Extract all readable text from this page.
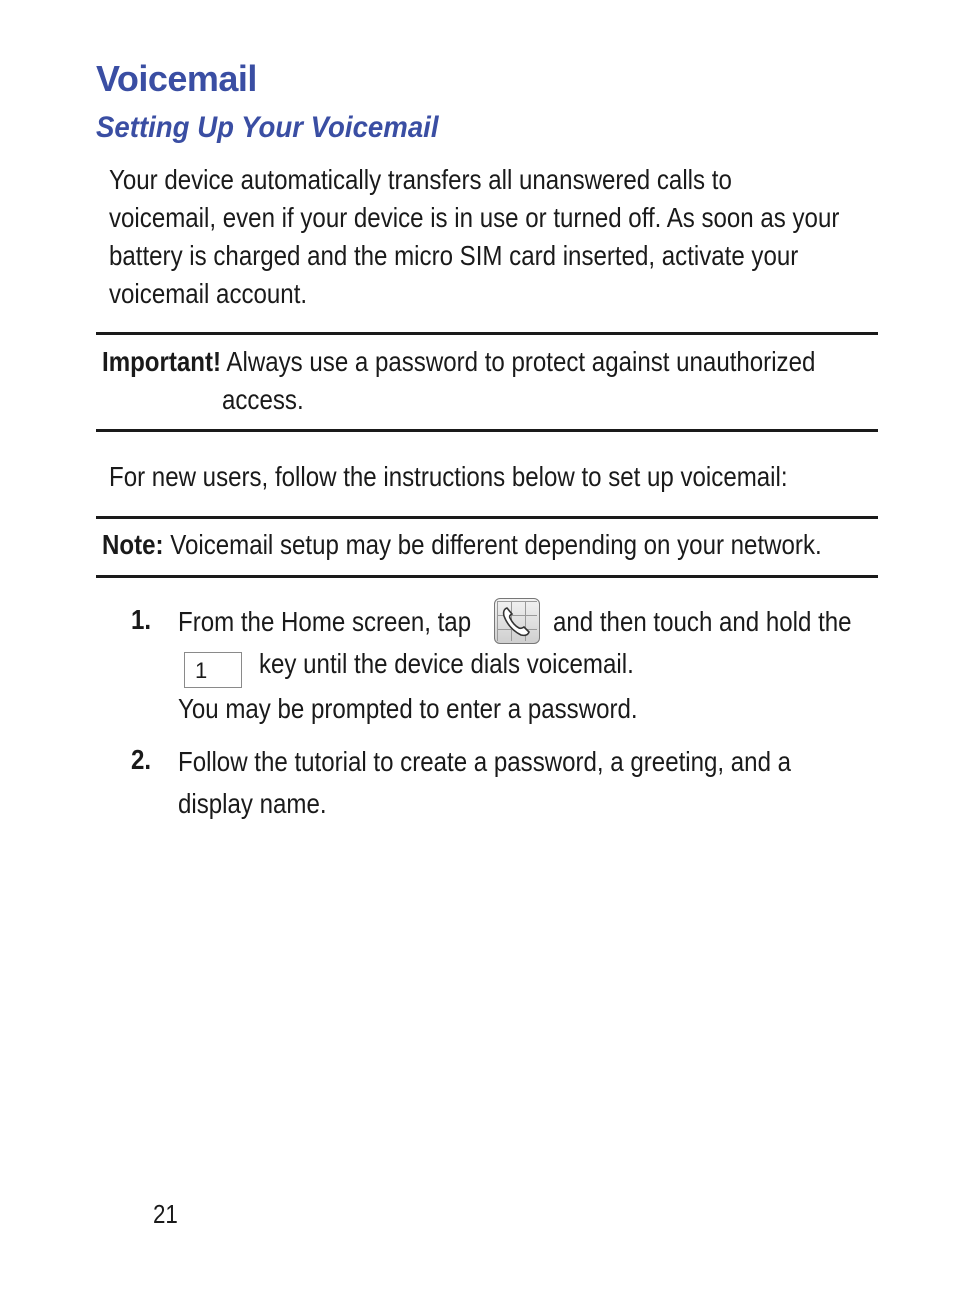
Voicemail
Setting Up Your Voicemail
Your device automatically transfers all unanswered calls to
voicemail, even if your device is in use or turned off. As soon as your
battery is charged and the micro SIM card inserted, activate your
voicemail account.
Important! Always use a password to protect against unauthorized
access.
For new users, follow the instructions below to set up voicemail:
Note: Voicemail setup may be different depending on your network.
1. From the Home screen, tap	and then touch and hold the
1	key until the device dials voicemail.
You may be prompted to enter a password.
2. Follow the tutorial to create a password, a greeting, and a
display name.
21
